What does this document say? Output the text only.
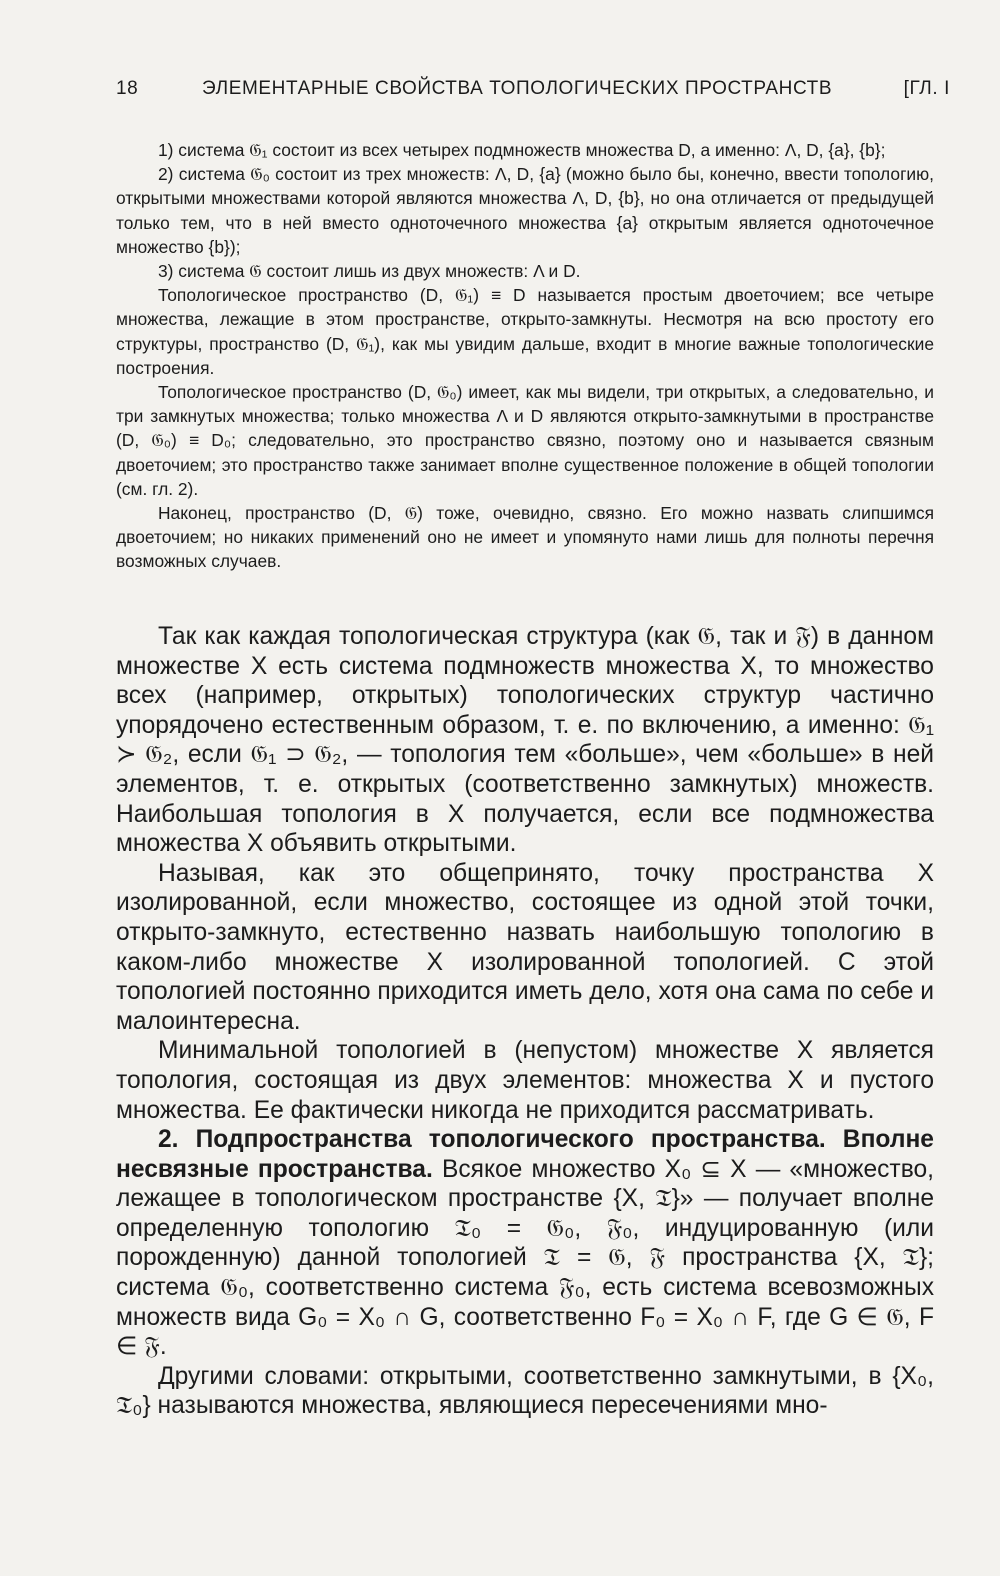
18	ЭЛЕМЕНТАРНЫЕ СВОЙСТВА ТОПОЛОГИЧЕСКИХ ПРОСТРАНСТВ	[ГЛ. I

1) система 𝔊₁ состоит из всех четырех подмножеств множества D, а именно: Λ, D, {a}, {b};

2) система 𝔊₀ состоит из трех множеств: Λ, D, {a} (можно было бы, конечно, ввести топологию, открытыми множествами которой являются множества Λ, D, {b}, но она отличается от предыдущей только тем, что в ней вместо одноточечного множества {a} открытым является одноточечное множество {b});

3) система 𝔊 состоит лишь из двух множеств: Λ и D.

Топологическое пространство (D, 𝔊₁) ≡ D называется простым двоеточием; все четыре множества, лежащие в этом пространстве, открыто-замкнуты. Несмотря на всю простоту его структуры, пространство (D, 𝔊₁), как мы увидим дальше, входит в многие важные топологические построения.

Топологическое пространство (D, 𝔊₀) имеет, как мы видели, три открытых, а следовательно, и три замкнутых множества; только множества Λ и D являются открыто-замкнутыми в пространстве (D, 𝔊₀) ≡ D₀; следовательно, это пространство связно, поэтому оно и называется связным двоеточием; это пространство также занимает вполне существенное положение в общей топологии (см. гл. 2).

Наконец, пространство (D, 𝔊) тоже, очевидно, связно. Его можно назвать слипшимся двоеточием; но никаких применений оно не имеет и упомянуто нами лишь для полноты перечня возможных случаев.

Так как каждая топологическая структура (как 𝔊, так и 𝔉) в данном множестве X есть система подмножеств множества X, то множество всех (например, открытых) топологических структур частично упорядочено естественным образом, т. е. по включению, а именно: 𝔊₁ ≻ 𝔊₂, если 𝔊₁ ⊃ 𝔊₂, — топология тем «больше», чем «больше» в ней элементов, т. е. открытых (соответственно замкнутых) множеств. Наибольшая топология в X получается, если все подмножества множества X объявить открытыми.

Называя, как это общепринято, точку пространства X изолированной, если множество, состоящее из одной этой точки, открыто-замкнуто, естественно назвать наибольшую топологию в каком-либо множестве X изолированной топологией. С этой топологией постоянно приходится иметь дело, хотя она сама по себе и малоинтересна.

Минимальной топологией в (непустом) множестве X является топология, состоящая из двух элементов: множества X и пустого множества. Ее фактически никогда не приходится рассматривать.

2. Подпространства топологического пространства. Вполне несвязные пространства. Всякое множество X₀ ⊆ X — «множество, лежащее в топологическом пространстве {X, 𝔗}» — получает вполне определенную топологию 𝔗₀ = 𝔊₀, 𝔉₀, индуцированную (или порожденную) данной топологией 𝔗 = 𝔊, 𝔉 пространства {X, 𝔗}; система 𝔊₀, соответственно система 𝔉₀, есть система всевозможных множеств вида G₀ = X₀ ∩ G, соответственно F₀ = X₀ ∩ F, где G ∈ 𝔊, F ∈ 𝔉.

Другими словами: открытыми, соответственно замкнутыми, в {X₀, 𝔗₀} называются множества, являющиеся пересечениями мно-
